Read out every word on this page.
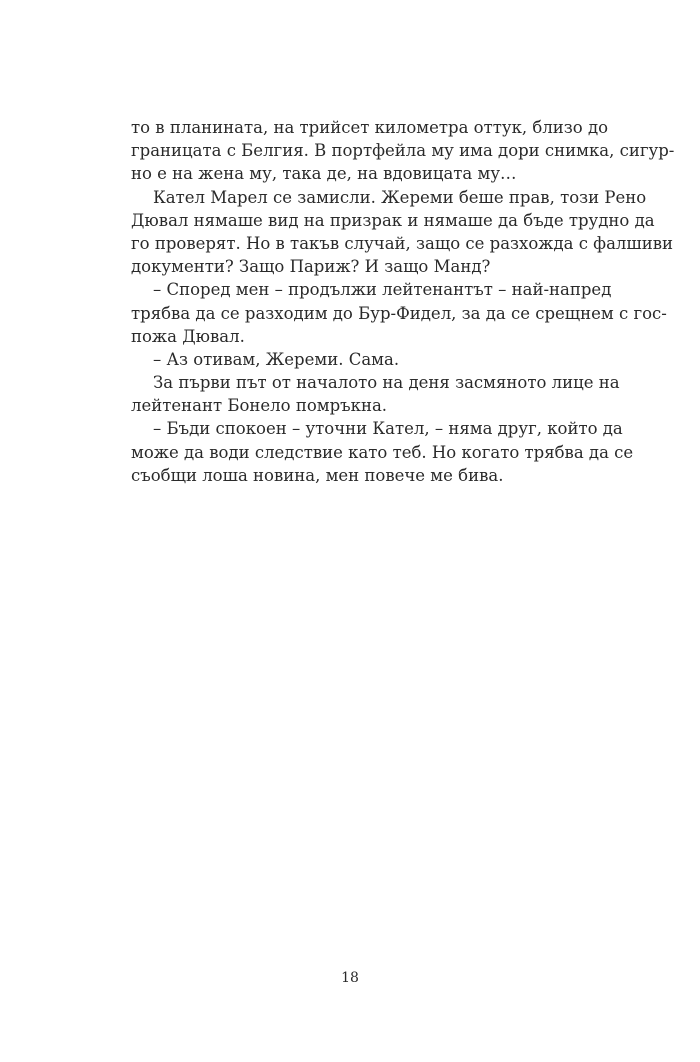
то в планината, на трийсет километра оттук, близо до
границата с Белгия. В портфейла му има дори снимка, сигур-
но е на жена му, така де, на вдовицата му…
Кател Марел се замисли. Жереми беше прав, този Рено
Дювал нямаше вид на призрак и нямаше да бъде трудно да
го проверят. Но в такъв случай, защо се разхожда с фалшиви
документи? Защо Париж? И защо Манд?
– Според мен – продължи лейтенантът – най-напред
трябва да се разходим до Бур-Фидел, за да се срещнем с гос-
пожа Дювал.
– Аз отивам, Жереми. Сама.
За първи път от началото на деня засмяното лице на
лейтенант Бонело помръкна.
– Бъди спокоен – уточни Кател, – няма друг, който да
може да води следствие като теб. Но когато трябва да се
съобщи лоша новина, мен повече ме бива.
18
